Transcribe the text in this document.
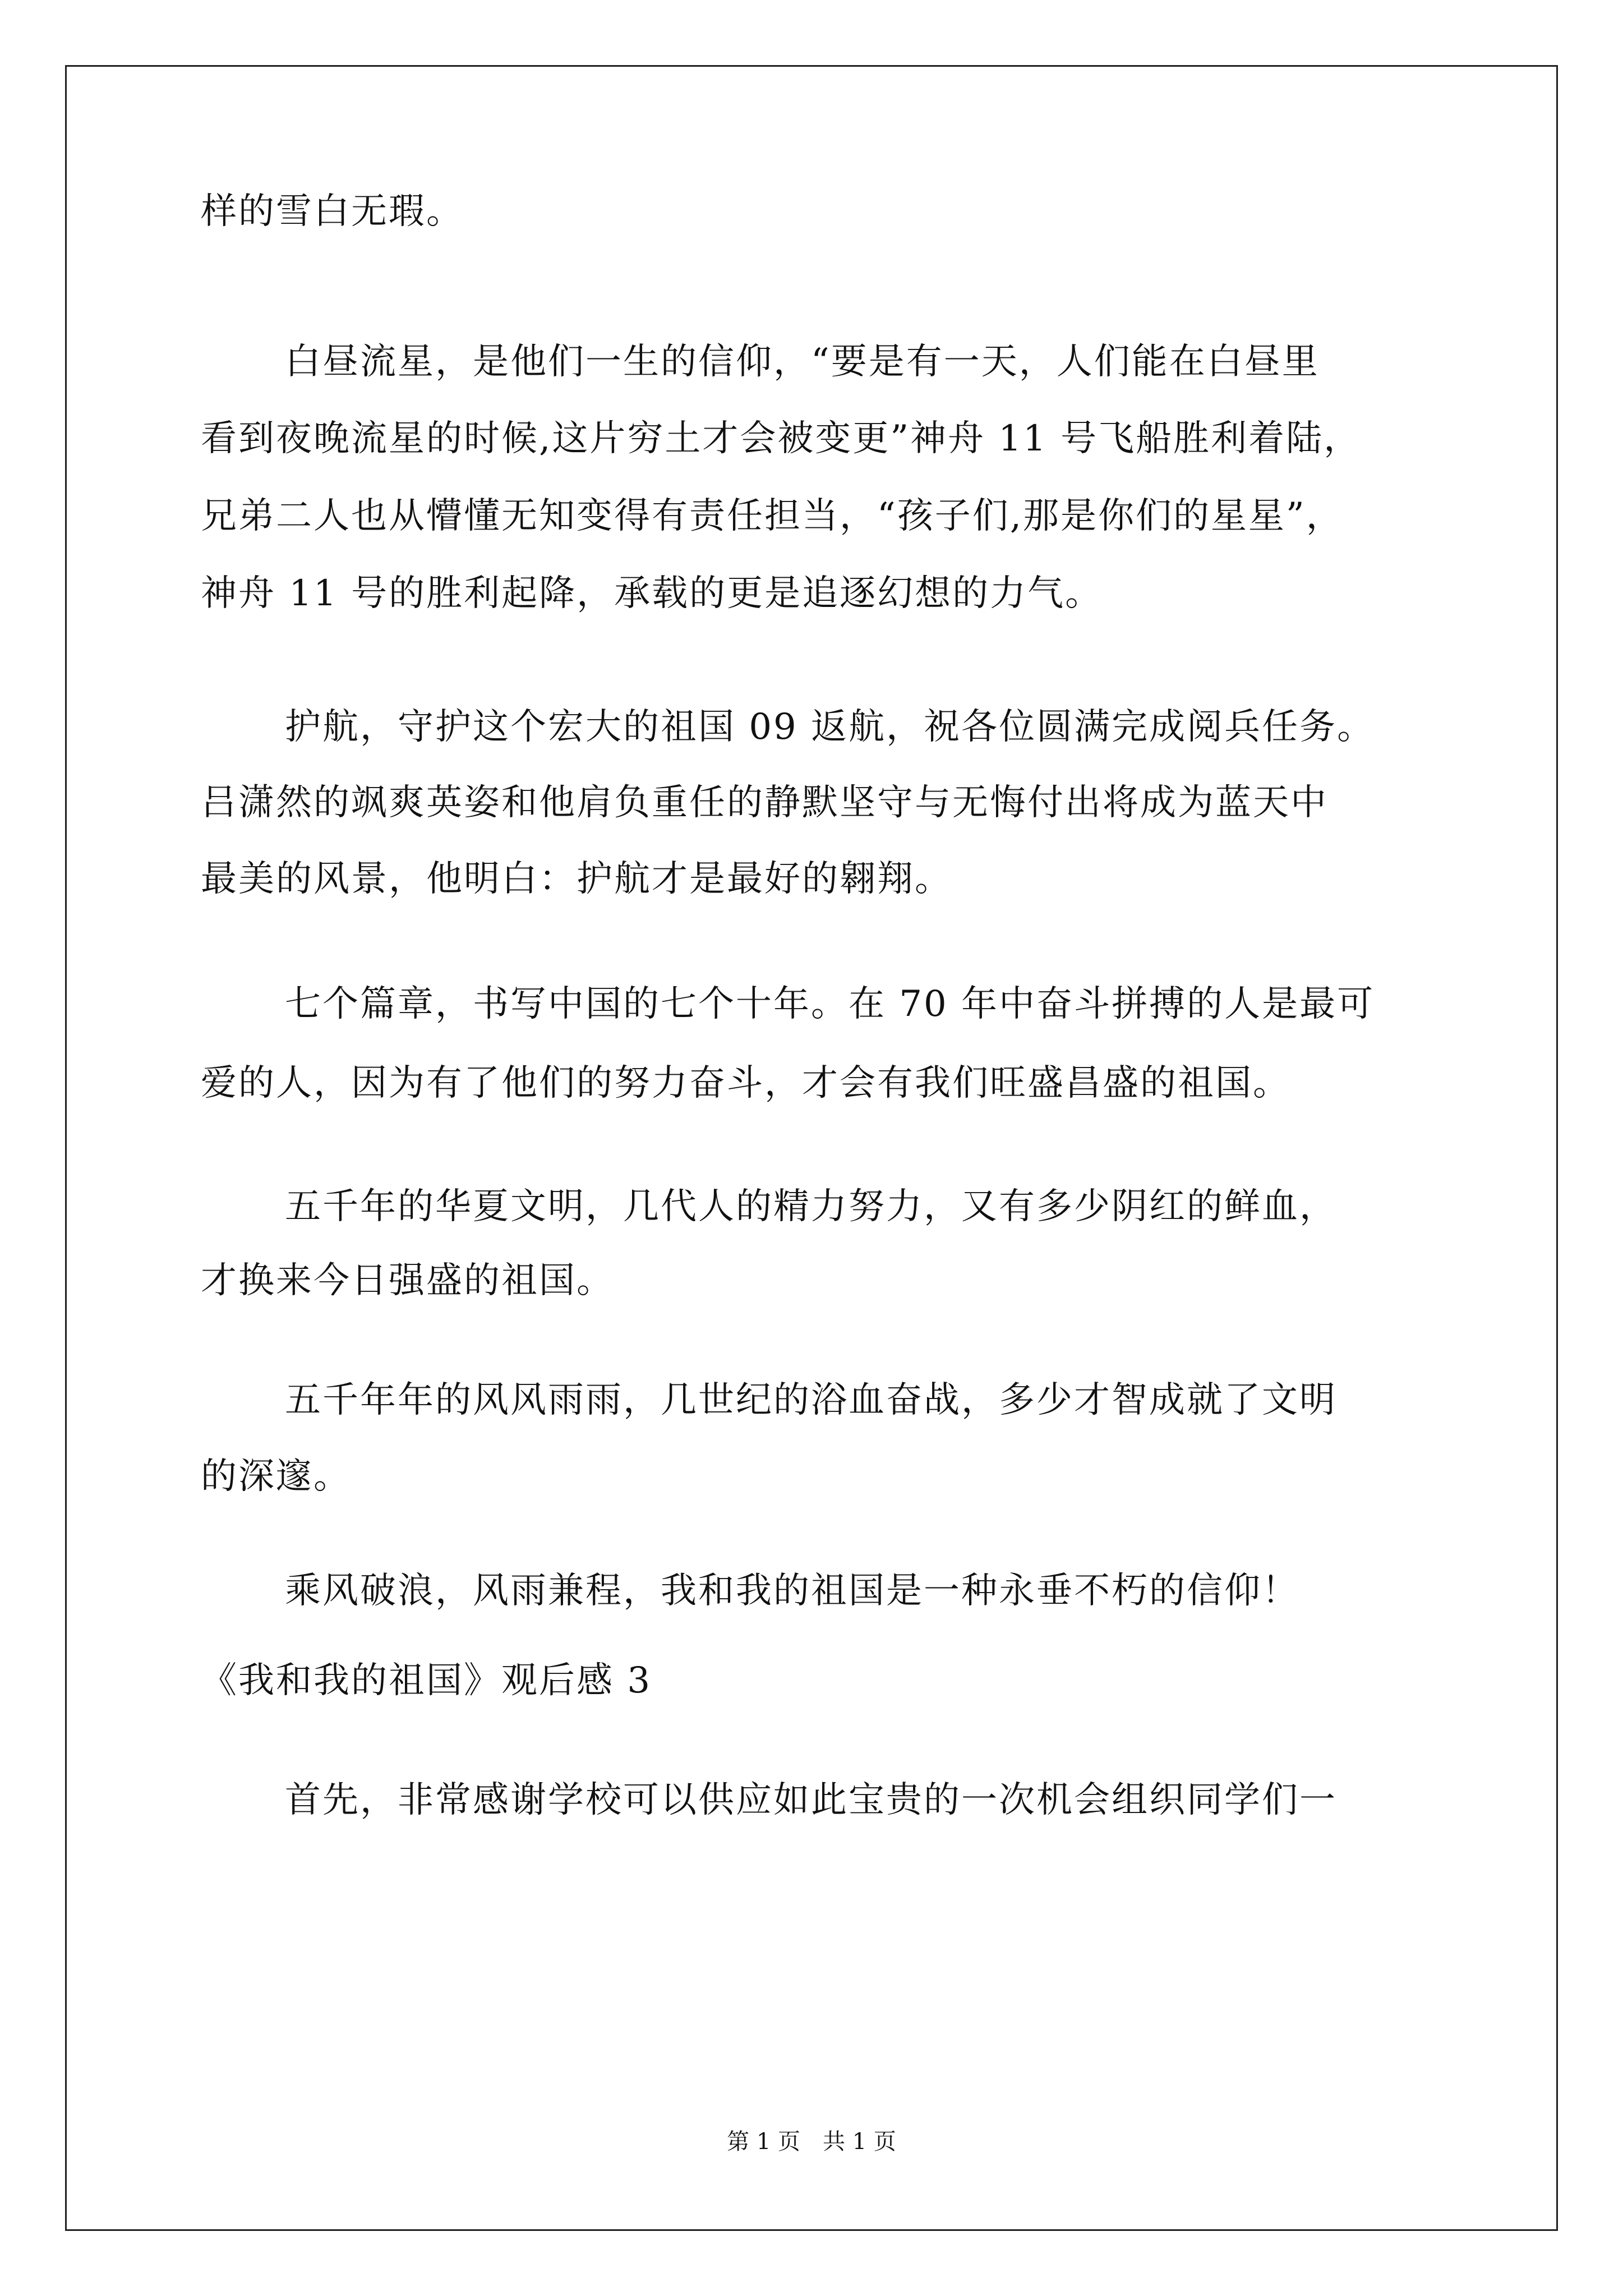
样的雪白无瑕。
白昼流星，是他们一生的信仰，“要是有一天，人们能在白昼里
看到夜晚流星的时候,这片穷土才会被变更”神舟 11 号飞船胜利着陆，
兄弟二人也从懵懂无知变得有责任担当，“孩子们,那是你们的星星”，
神舟 11 号的胜利起降，承载的更是追逐幻想的力气。
护航，守护这个宏大的祖国 09 返航，祝各位圆满完成阅兵任务。
吕潇然的飒爽英姿和他肩负重任的静默坚守与无悔付出将成为蓝天中
最美的风景，他明白：护航才是最好的翱翔。
七个篇章，书写中国的七个十年。在 70 年中奋斗拼搏的人是最可
爱的人，因为有了他们的努力奋斗，才会有我们旺盛昌盛的祖国。
五千年的华夏文明，几代人的精力努力，又有多少阴红的鲜血，
才换来今日强盛的祖国。
五千年年的风风雨雨，几世纪的浴血奋战，多少才智成就了文明
的深邃。
乘风破浪，风雨兼程，我和我的祖国是一种永垂不朽的信仰！
《我和我的祖国》观后感 3
首先，非常感谢学校可以供应如此宝贵的一次机会组织同学们一
第 1 页 共 1 页
